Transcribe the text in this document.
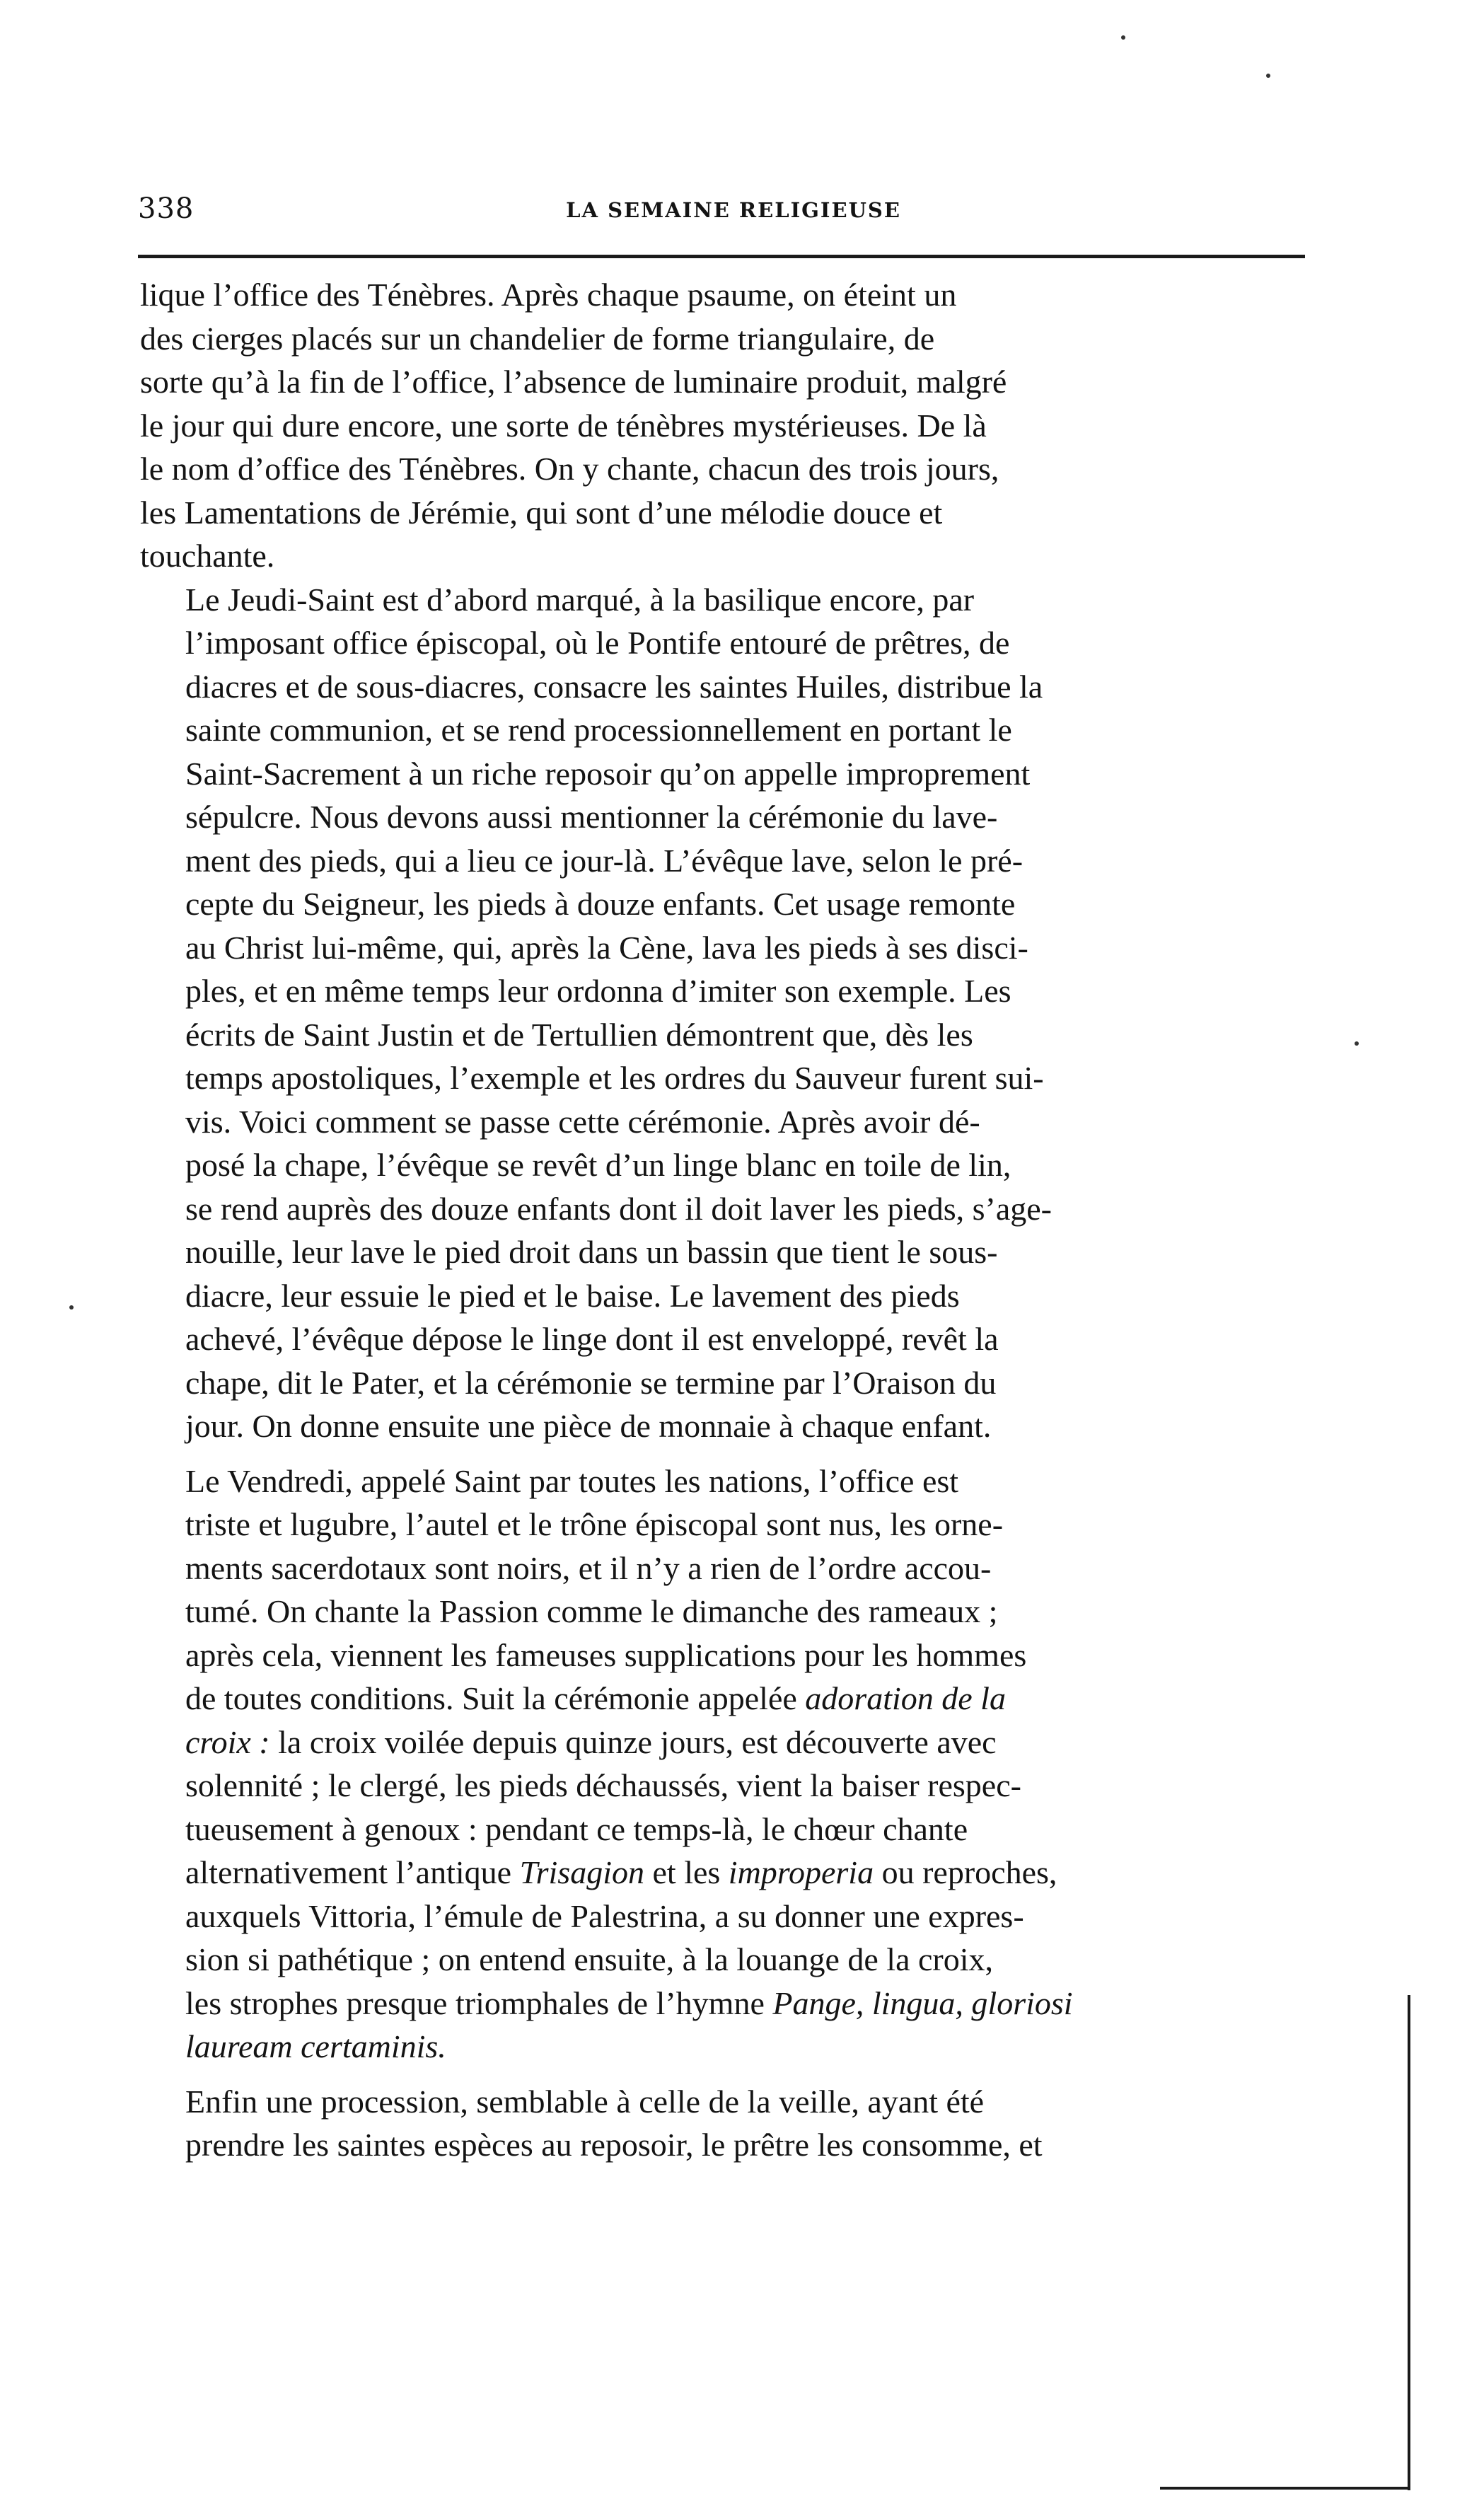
338	LA SEMAINE RELIGIEUSE

lique l’office des Ténèbres. Après chaque psaume, on éteint un
des cierges placés sur un chandelier de forme triangulaire, de
sorte qu’à la fin de l’office, l’absence de luminaire produit, malgré
le jour qui dure encore, une sorte de ténèbres mystérieuses. De là
le nom d’office des Ténèbres. On y chante, chacun des trois jours,
les Lamentations de Jérémie, qui sont d’une mélodie douce et
touchante.

Le Jeudi-Saint est d’abord marqué, à la basilique encore, par
l’imposant office épiscopal, où le Pontife entouré de prêtres, de
diacres et de sous-diacres, consacre les saintes Huiles, distribue la
sainte communion, et se rend processionnellement en portant le
Saint-Sacrement à un riche reposoir qu’on appelle improprement
sépulcre. Nous devons aussi mentionner la cérémonie du lave-
ment des pieds, qui a lieu ce jour-là. L’évêque lave, selon le pré-
cepte du Seigneur, les pieds à douze enfants. Cet usage remonte
au Christ lui-même, qui, après la Cène, lava les pieds à ses disci-
ples, et en même temps leur ordonna d’imiter son exemple. Les
écrits de Saint Justin et de Tertullien démontrent que, dès les
temps apostoliques, l’exemple et les ordres du Sauveur furent sui-
vis. Voici comment se passe cette cérémonie. Après avoir dé-
posé la chape, l’évêque se revêt d’un linge blanc en toile de lin,
se rend auprès des douze enfants dont il doit laver les pieds, s’age-
nouille, leur lave le pied droit dans un bassin que tient le sous-
diacre, leur essuie le pied et le baise. Le lavement des pieds
achevé, l’évêque dépose le linge dont il est enveloppé, revêt la
chape, dit le Pater, et la cérémonie se termine par l’Oraison du
jour. On donne ensuite une pièce de monnaie à chaque enfant.

Le Vendredi, appelé Saint par toutes les nations, l’office est
triste et lugubre, l’autel et le trône épiscopal sont nus, les orne-
ments sacerdotaux sont noirs, et il n’y a rien de l’ordre accou-
tumé. On chante la Passion comme le dimanche des rameaux ;
après cela, viennent les fameuses supplications pour les hommes
de toutes conditions. Suit la cérémonie appelée adoration de la
croix : la croix voilée depuis quinze jours, est découverte avec
solennité ; le clergé, les pieds déchaussés, vient la baiser respec-
tueusement à genoux : pendant ce temps-là, le chœur chante
alternativement l’antique Trisagion et les improperia ou reproches,
auxquels Vittoria, l’émule de Palestrina, a su donner une expres-
sion si pathétique ; on entend ensuite, à la louange de la croix,
les strophes presque triomphales de l’hymne Pange, lingua, gloriosi
lauream certaminis.

Enfin une procession, semblable à celle de la veille, ayant été
prendre les saintes espèces au reposoir, le prêtre les consomme, et
